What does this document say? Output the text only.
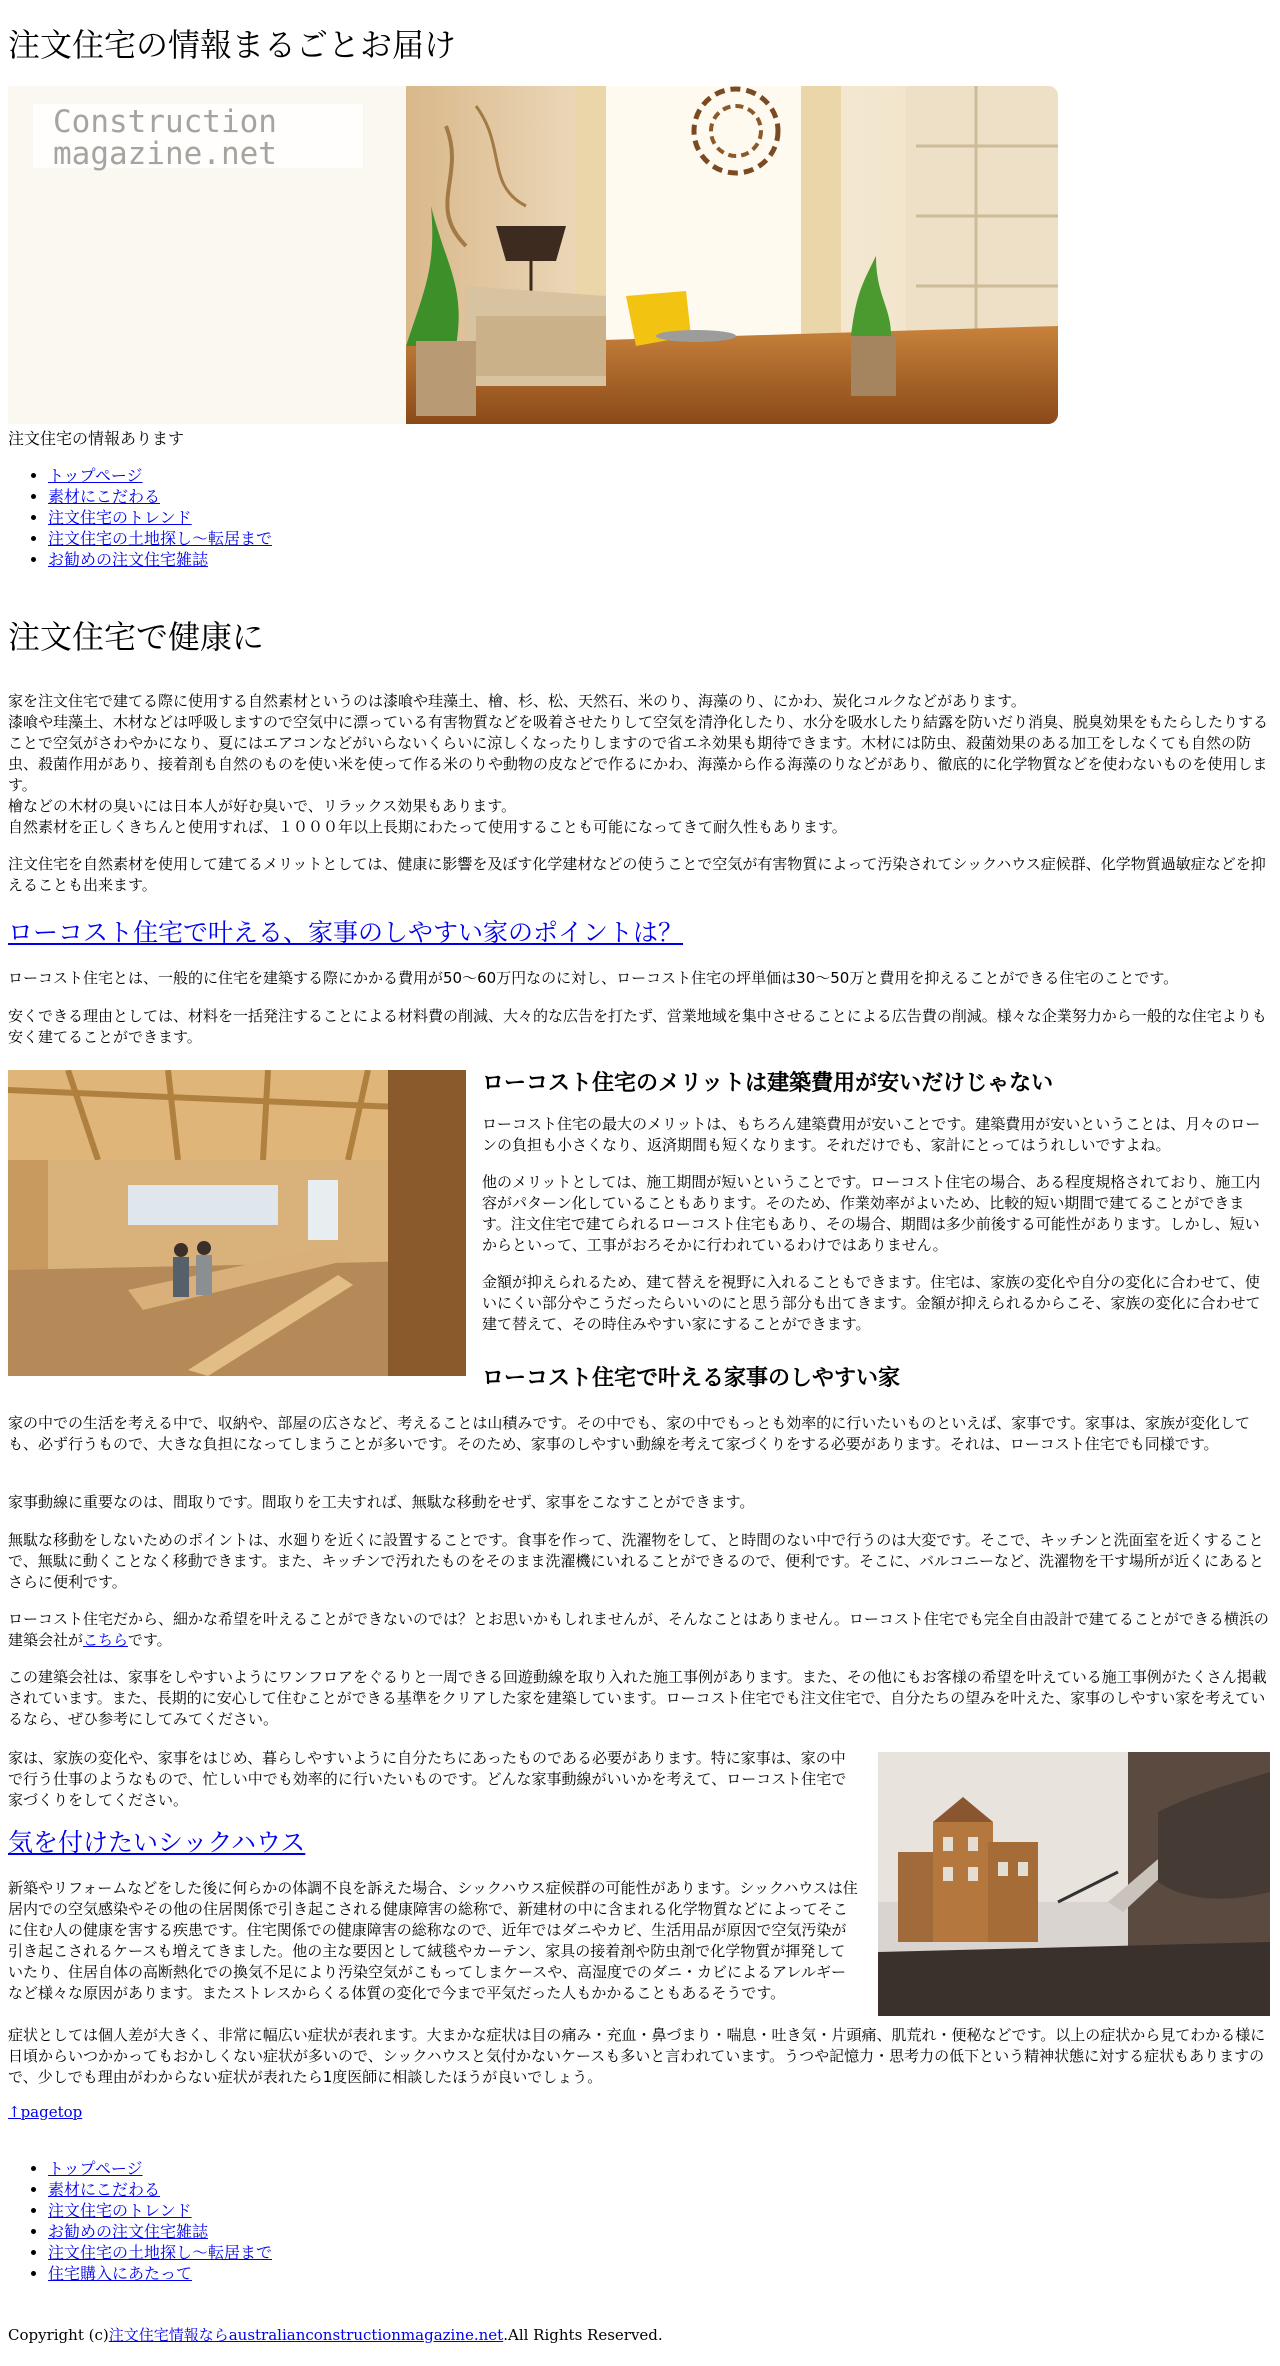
注文住宅の情報まるごとお届け
Construction
magazine.net
注文住宅の情報あります
• トップページ
• 素材にこだわる
• 注文住宅のトレンド
• 注文住宅の土地探し～転居まで
• お勧めの注文住宅雑誌
注文住宅で健康に
家を注文住宅で建てる際に使用する自然素材というのは漆喰や珪藻土、檜、杉、松、天然石、米のり、海藻のり、にかわ、炭化コルクなどがあります。
漆喰や珪藻土、木材などは呼吸しますので空気中に漂っている有害物質などを吸着させたりして空気を清浄化したり、水分を吸水したり結露を防いだり消臭、脱臭効果をもたらしたりすることで空気がさわやかになり、夏にはエアコンなどがいらないくらいに涼しくなったりしますので省エネ効果も期待できます。木材には防虫、殺菌効果のある加工をしなくても自然の防虫、殺菌作用があり、接着剤も自然のものを使い米を使って作る米のりや動物の皮などで作るにかわ、海藻から作る海藻のりなどがあり、徹底的に化学物質などを使わないものを使用します。
檜などの木材の臭いには日本人が好む臭いで、リラックス効果もあります。
自然素材を正しくきちんと使用すれば、１０００年以上長期にわたって使用することも可能になってきて耐久性もあります。
注文住宅を自然素材を使用して建てるメリットとしては、健康に影響を及ぼす化学建材などの使うことで空気が有害物質によって汚染されてシックハウス症候群、化学物質過敏症などを抑えることも出来ます。
ローコスト住宅で叶える、家事のしやすい家のポイントは？
ローコスト住宅とは、一般的に住宅を建築する際にかかる費用が50～60万円なのに対し、ローコスト住宅の坪単価は30～50万と費用を抑えることができる住宅のことです。
安くできる理由としては、材料を一括発注することによる材料費の削減、大々的な広告を打たず、営業地域を集中させることによる広告費の削減。様々な企業努力から一般的な住宅よりも安く建てることができます。
ローコスト住宅のメリットは建築費用が安いだけじゃない
ローコスト住宅の最大のメリットは、もちろん建築費用が安いことです。建築費用が安いということは、月々のローンの負担も小さくなり、返済期間も短くなります。それだけでも、家計にとってはうれしいですよね。
他のメリットとしては、施工期間が短いということです。ローコスト住宅の場合、ある程度規格されており、施工内容がパターン化していることもあります。そのため、作業効率がよいため、比較的短い期間で建てることができます。注文住宅で建てられるローコスト住宅もあり、その場合、期間は多少前後する可能性があります。しかし、短いからといって、工事がおろそかに行われているわけではありません。
金額が抑えられるため、建て替えを視野に入れることもできます。住宅は、家族の変化や自分の変化に合わせて、使いにくい部分やこうだったらいいのにと思う部分も出てきます。金額が抑えられるからこそ、家族の変化に合わせて建て替えて、その時住みやすい家にすることができます。
ローコスト住宅で叶える家事のしやすい家
家の中での生活を考える中で、収納や、部屋の広さなど、考えることは山積みです。その中でも、家の中でもっとも効率的に行いたいものといえば、家事です。家事は、家族が変化しても、必ず行うもので、大きな負担になってしまうことが多いです。そのため、家事のしやすい動線を考えて家づくりをする必要があります。それは、ローコスト住宅でも同様です。
家事動線に重要なのは、間取りです。間取りを工夫すれば、無駄な移動をせず、家事をこなすことができます。
無駄な移動をしないためのポイントは、水廻りを近くに設置することです。食事を作って、洗濯物をして、と時間のない中で行うのは大変です。そこで、キッチンと洗面室を近くすることで、無駄に動くことなく移動できます。また、キッチンで汚れたものをそのまま洗濯機にいれることができるので、便利です。そこに、バルコニーなど、洗濯物を干す場所が近くにあるとさらに便利です。
ローコスト住宅だから、細かな希望を叶えることができないのでは？とお思いかもしれませんが、そんなことはありません。ローコスト住宅でも完全自由設計で建てることができる横浜の建築会社がこちらです。
この建築会社は、家事をしやすいようにワンフロアをぐるりと一周できる回遊動線を取り入れた施工事例があります。また、その他にもお客様の希望を叶えている施工事例がたくさん掲載されています。また、長期的に安心して住むことができる基準をクリアした家を建築しています。ローコスト住宅でも注文住宅で、自分たちの望みを叶えた、家事のしやすい家を考えているなら、ぜひ参考にしてみてください。
家は、家族の変化や、家事をはじめ、暮らしやすいように自分たちにあったものである必要があります。特に家事は、家の中で行う仕事のようなもので、忙しい中でも効率的に行いたいものです。どんな家事動線がいいかを考えて、ローコスト住宅で家づくりをしてください。
気を付けたいシックハウス
新築やリフォームなどをした後に何らかの体調不良を訴えた場合、シックハウス症候群の可能性があります。シックハウスは住居内での空気感染やその他の住居関係で引き起こされる健康障害の総称で、新建材の中に含まれる化学物質などによってそこに住む人の健康を害する疾患です。住宅関係での健康障害の総称なので、近年ではダニやカビ、生活用品が原因で空気汚染が引き起こされるケースも増えてきました。他の主な要因として絨毯やカーテン、家具の接着剤や防虫剤で化学物質が揮発していたり、住居自体の高断熱化での換気不足により汚染空気がこもってしまケースや、高湿度でのダニ・カビによるアレルギーなど様々な原因があります。またストレスからくる体質の変化で今まで平気だった人もかかることもあるそうです。
症状としては個人差が大きく、非常に幅広い症状が表れます。大まかな症状は目の痛み・充血・鼻づまり・喘息・吐き気・片頭痛、肌荒れ・便秘などです。以上の症状から見てわかる様に日頃からいつかかってもおかしくない症状が多いので、シックハウスと気付かないケースも多いと言われています。うつや記憶力・思考力の低下という精神状態に対する症状もありますので、少しでも理由がわからない症状が表れたら1度医師に相談したほうが良いでしょう。
↑pagetop
• トップページ
• 素材にこだわる
• 注文住宅のトレンド
• お勧めの注文住宅雑誌
• 注文住宅の土地探し～転居まで
• 住宅購入にあたって
Copyright (c)注文住宅情報ならaustralianconstructionmagazine.net.All Rights Reserved.
